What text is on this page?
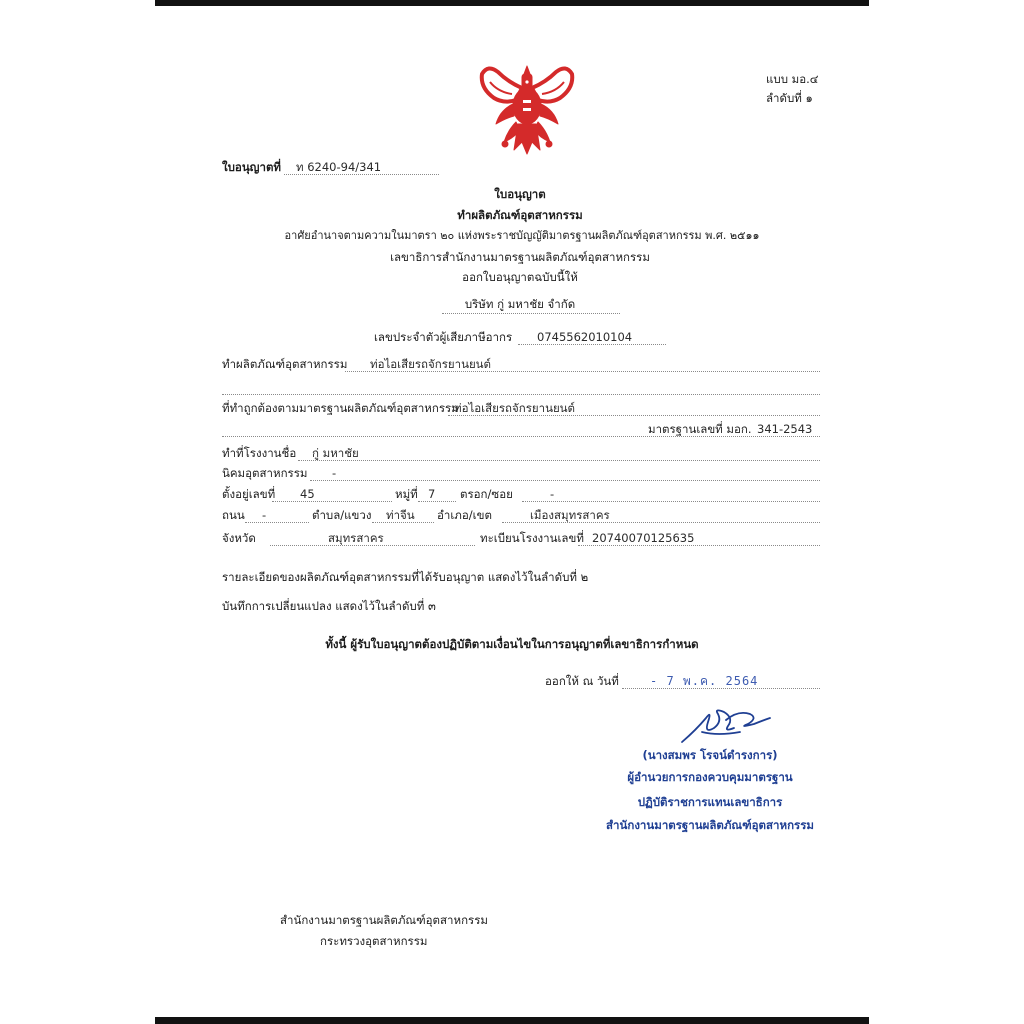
แบบ มอ.๔
ลำดับที่ ๑
ใบอนุญาตที่ ท 6240-94/341
ใบอนุญาต
ทำผลิตภัณฑ์อุตสาหกรรม
อาศัยอำนาจตามความในมาตรา ๒๐ แห่งพระราชบัญญัติมาตรฐานผลิตภัณฑ์อุตสาหกรรม พ.ศ. ๒๕๑๑
เลขาธิการสำนักงานมาตรฐานผลิตภัณฑ์อุตสาหกรรม
ออกใบอนุญาตฉบับนี้ให้
บริษัท กู่ มหาชัย จำกัด
เลขประจำตัวผู้เสียภาษีอากร 0745562010104
ทำผลิตภัณฑ์อุตสาหกรรม ท่อไอเสียรถจักรยานยนต์
ที่ทำถูกต้องตามมาตรฐานผลิตภัณฑ์อุตสาหกรรม
ท่อไอเสียรถจักรยานยนต์
มาตรฐานเลขที่ มอก. 341-2543
ทำที่โรงงานชื่อ กู่ มหาชัย
นิคมอุตสาหกรรม -
ตั้งอยู่เลขที่ 45	หมู่ที่ 7 ตรอก/ซอย	-
ถนน -	ตำบล/แขวง ท่าจีน อำเภอ/เขต	เมืองสมุทรสาคร
จังหวัด	สมุทรสาคร	ทะเบียนโรงงานเลขที่ 20740070125635
รายละเอียดของผลิตภัณฑ์อุตสาหกรรมที่ได้รับอนุญาต แสดงไว้ในลำดับที่ ๒
บันทึกการเปลี่ยนแปลง แสดงไว้ในลำดับที่ ๓
ทั้งนี้ ผู้รับใบอนุญาตต้องปฏิบัติตามเงื่อนไขในการอนุญาตที่เลขาธิการกำหนด
ออกให้ ณ วันที่	- 7 พ.ค. 2564
(นางสมพร โรจน์ดำรงการ)
ผู้อำนวยการกองควบคุมมาตรฐาน
ปฏิบัติราชการแทนเลขาธิการ
สำนักงานมาตรฐานผลิตภัณฑ์อุตสาหกรรม
สำนักงานมาตรฐานผลิตภัณฑ์อุตสาหกรรม
กระทรวงอุตสาหกรรม
